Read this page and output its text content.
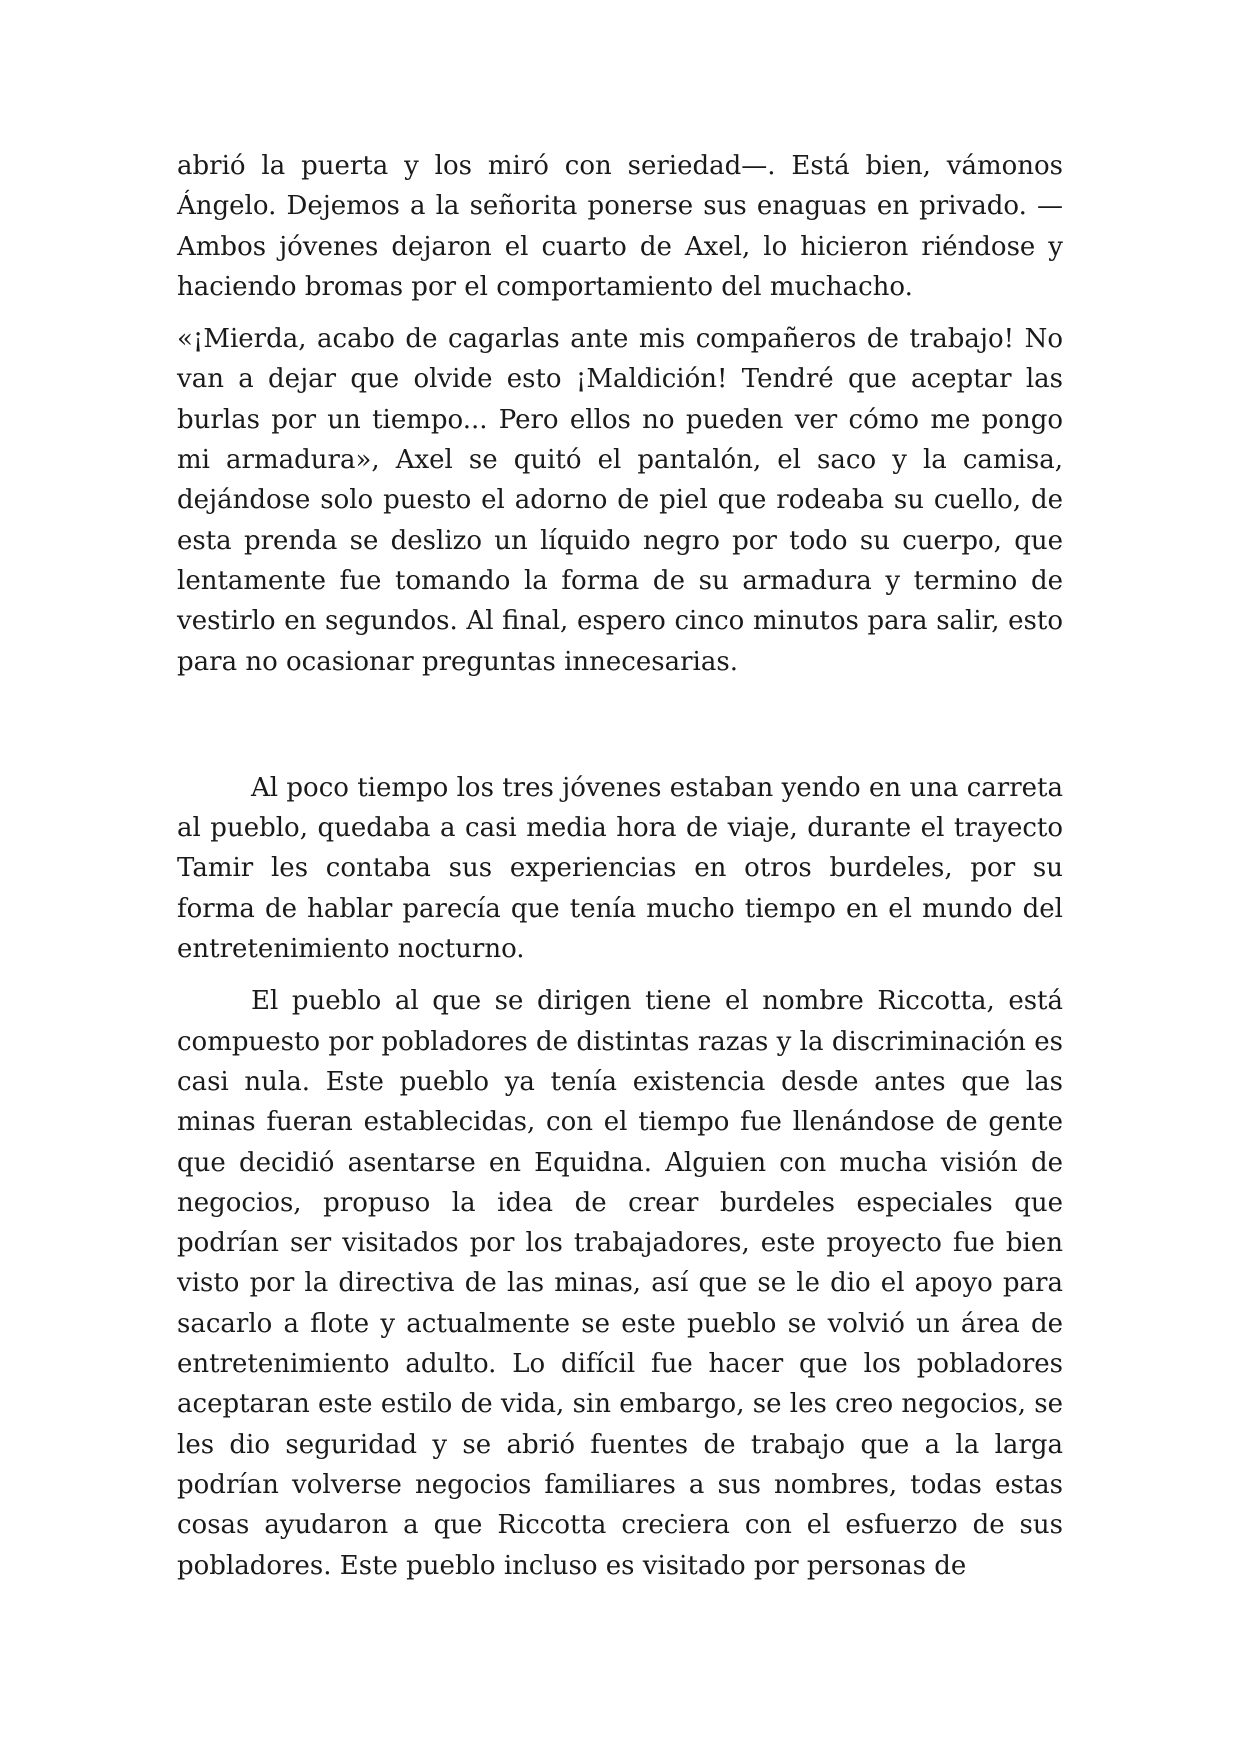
abrió la puerta y los miró con seriedad—. Está bien, vámonos Ángelo. Dejemos a la señorita ponerse sus enaguas en privado. —Ambos jóvenes dejaron el cuarto de Axel, lo hicieron riéndose y haciendo bromas por el comportamiento del muchacho.

«¡Mierda, acabo de cagarlas ante mis compañeros de trabajo! No van a dejar que olvide esto ¡Maldición! Tendré que aceptar las burlas por un tiempo... Pero ellos no pueden ver cómo me pongo mi armadura», Axel se quitó el pantalón, el saco y la camisa, dejándose solo puesto el adorno de piel que rodeaba su cuello, de esta prenda se deslizo un líquido negro por todo su cuerpo, que lentamente fue tomando la forma de su armadura y termino de vestirlo en segundos. Al final, espero cinco minutos para salir, esto para no ocasionar preguntas innecesarias.

Al poco tiempo los tres jóvenes estaban yendo en una carreta al pueblo, quedaba a casi media hora de viaje, durante el trayecto Tamir les contaba sus experiencias en otros burdeles, por su forma de hablar parecía que tenía mucho tiempo en el mundo del entretenimiento nocturno.

El pueblo al que se dirigen tiene el nombre Riccotta, está compuesto por pobladores de distintas razas y la discriminación es casi nula. Este pueblo ya tenía existencia desde antes que las minas fueran establecidas, con el tiempo fue llenándose de gente que decidió asentarse en Equidna. Alguien con mucha visión de negocios, propuso la idea de crear burdeles especiales que podrían ser visitados por los trabajadores, este proyecto fue bien visto por la directiva de las minas, así que se le dio el apoyo para sacarlo a flote y actualmente se este pueblo se volvió un área de entretenimiento adulto. Lo difícil fue hacer que los pobladores aceptaran este estilo de vida, sin embargo, se les creo negocios, se les dio seguridad y se abrió fuentes de trabajo que a la larga podrían volverse negocios familiares a sus nombres, todas estas cosas ayudaron a que Riccotta creciera con el esfuerzo de sus pobladores. Este pueblo incluso es visitado por personas de
